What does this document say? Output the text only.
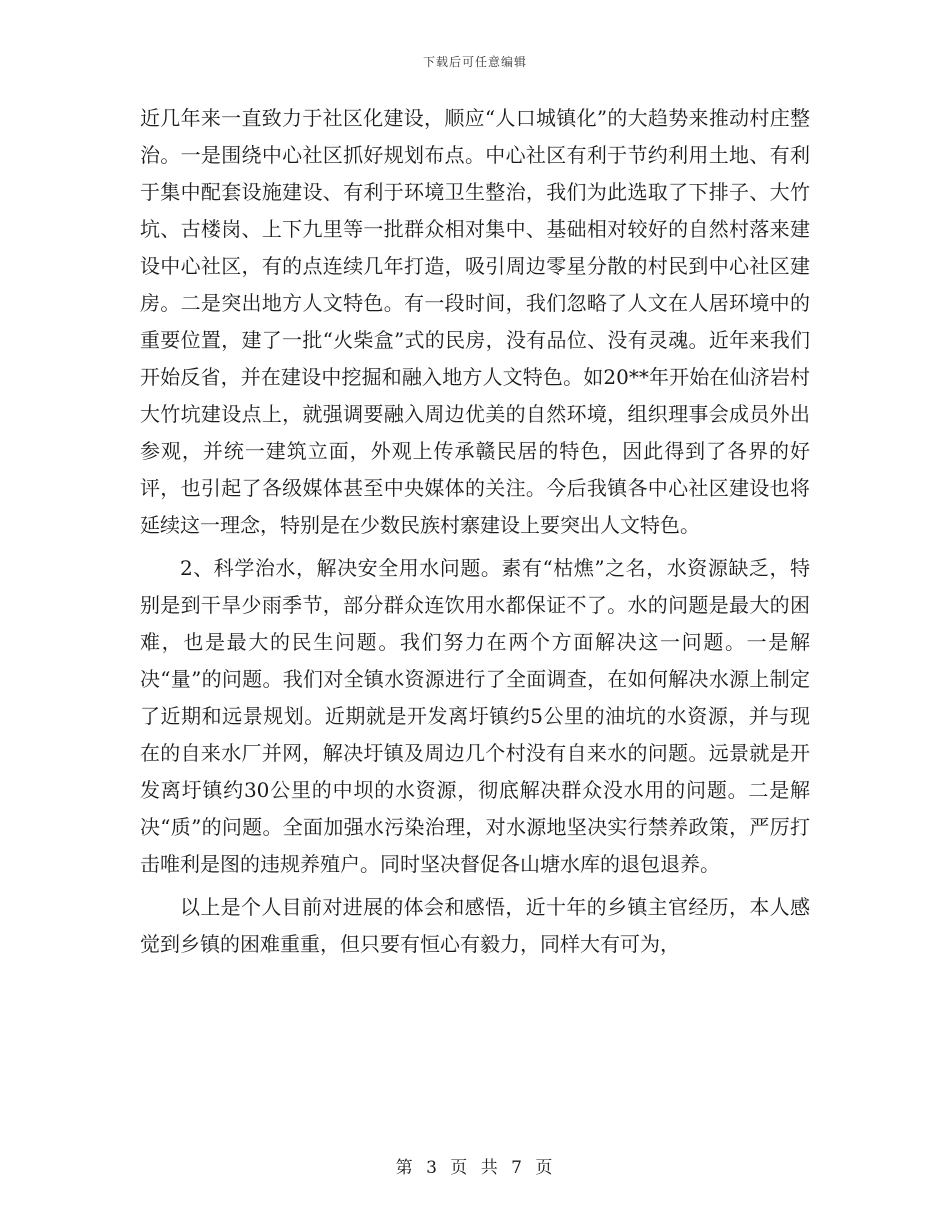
下载后可任意编辑

近几年来一直致力于社区化建设，顺应“人口城镇化”的大趋势来推动村庄整治。一是围绕中心社区抓好规划布点。中心社区有利于节约利用土地、有利于集中配套设施建设、有利于环境卫生整治，我们为此选取了下排子、大竹坑、古楼岗、上下九里等一批群众相对集中、基础相对较好的自然村落来建设中心社区，有的点连续几年打造，吸引周边零星分散的村民到中心社区建房。二是突出地方人文特色。有一段时间，我们忽略了人文在人居环境中的重要位置，建了一批“火柴盒”式的民房，没有品位、没有灵魂。近年来我们开始反省，并在建设中挖掘和融入地方人文特色。如20**年开始在仙济岩村大竹坑建设点上，就强调要融入周边优美的自然环境，组织理事会成员外出参观，并统一建筑立面，外观上传承赣民居的特色，因此得到了各界的好评，也引起了各级媒体甚至中央媒体的关注。今后我镇各中心社区建设也将延续这一理念，特别是在少数民族村寨建设上要突出人文特色。

2、科学治水，解决安全用水问题。素有“枯燋”之名，水资源缺乏，特别是到干旱少雨季节，部分群众连饮用水都保证不了。水的问题是最大的困难，也是最大的民生问题。我们努力在两个方面解决这一问题。一是解决“量”的问题。我们对全镇水资源进行了全面调查，在如何解决水源上制定了近期和远景规划。近期就是开发离圩镇约5公里的油坑的水资源，并与现在的自来水厂并网，解决圩镇及周边几个村没有自来水的问题。远景就是开发离圩镇约30公里的中坝的水资源，彻底解决群众没水用的问题。二是解决“质”的问题。全面加强水污染治理，对水源地坚决实行禁养政策，严厉打击唯利是图的违规养殖户。同时坚决督促各山塘水库的退包退养。

以上是个人目前对进展的体会和感悟，近十年的乡镇主官经历，本人感觉到乡镇的困难重重，但只要有恒心有毅力，同样大有可为，

第 3 页 共 7 页
